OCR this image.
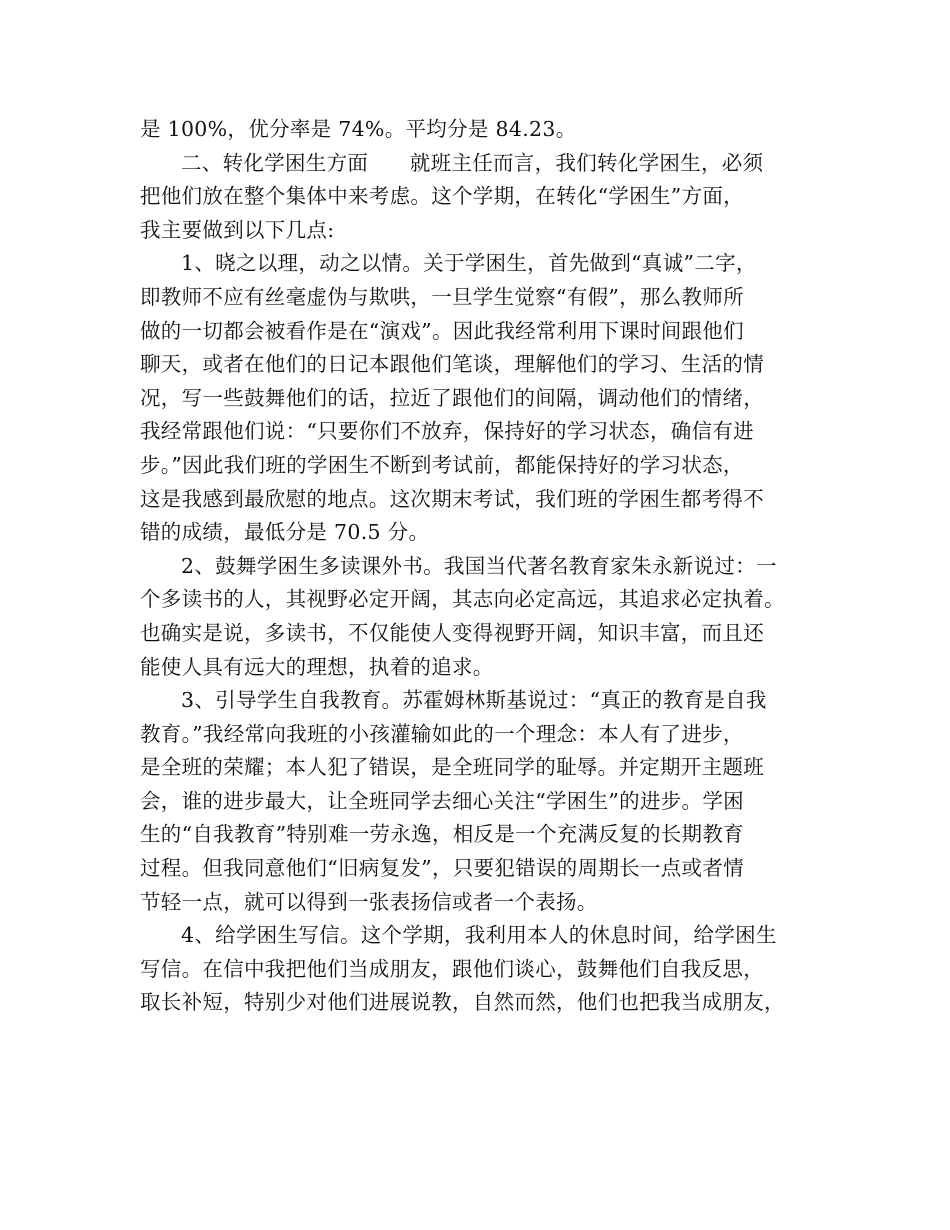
是 100%，优分率是 74%。平均分是 84.23。
二、转化学困生方面　　就班主任而言，我们转化学困生，必须
把他们放在整个集体中来考虑。这个学期，在转化“学困生”方面，
我主要做到以下几点:
1、晓之以理，动之以情。关于学困生，首先做到“真诚”二字，
即教师不应有丝毫虚伪与欺哄，一旦学生觉察“有假”，那么教师所
做的一切都会被看作是在“演戏”。因此我经常利用下课时间跟他们
聊天，或者在他们的日记本跟他们笔谈，理解他们的学习、生活的情
况，写一些鼓舞他们的话，拉近了跟他们的间隔，调动他们的情绪，
我经常跟他们说：“只要你们不放弃，保持好的学习状态，确信有进
步。”因此我们班的学困生不断到考试前，都能保持好的学习状态，
这是我感到最欣慰的地点。这次期末考试，我们班的学困生都考得不
错的成绩，最低分是 70.5 分。
2、鼓舞学困生多读课外书。我国当代著名教育家朱永新说过：一
个多读书的人，其视野必定开阔，其志向必定高远，其追求必定执着。
也确实是说，多读书，不仅能使人变得视野开阔，知识丰富，而且还
能使人具有远大的理想，执着的追求。
3、引导学生自我教育。苏霍姆林斯基说过：“真正的教育是自我
教育。”我经常向我班的小孩灌输如此的一个理念：本人有了进步，
是全班的荣耀；本人犯了错误，是全班同学的耻辱。并定期开主题班
会，谁的进步最大，让全班同学去细心关注“学困生”的进步。学困
生的“自我教育”特别难一劳永逸，相反是一个充满反复的长期教育
过程。但我同意他们“旧病复发”，只要犯错误的周期长一点或者情
节轻一点，就可以得到一张表扬信或者一个表扬。
4、给学困生写信。这个学期，我利用本人的休息时间，给学困生
写信。在信中我把他们当成朋友，跟他们谈心，鼓舞他们自我反思，
取长补短，特别少对他们进展说教，自然而然，他们也把我当成朋友，
